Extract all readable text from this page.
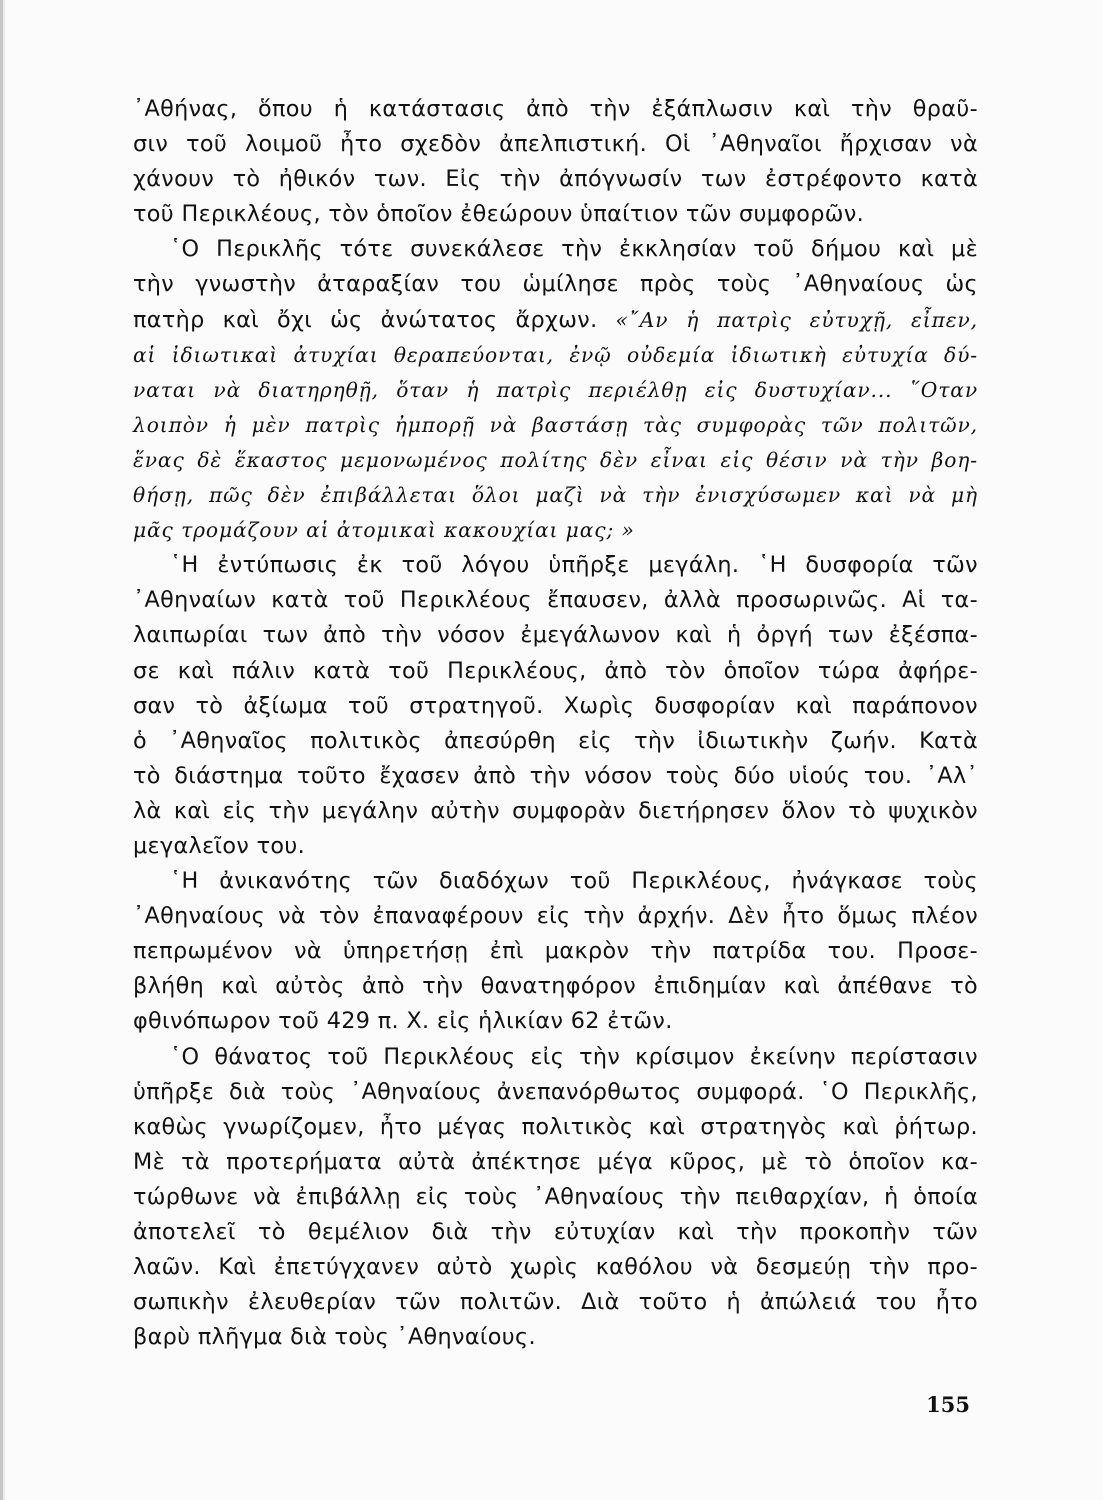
᾿Αθήνας, ὅπου ἡ κατάστασις ἀπὸ τὴν ἐξάπλωσιν καὶ τὴν θραῦ-
σιν τοῦ λοιμοῦ ἦτο σχεδὸν ἀπελπιστική. Οἱ ᾿Αθηναῖοι ἤρχισαν νὰ
χάνουν τὸ ἠθικόν των. Εἰς τὴν ἀπόγνωσίν των ἐστρέφοντο κατὰ
τοῦ Περικλέους, τὸν ὁποῖον ἐθεώρουν ὑπαίτιον τῶν συμφορῶν.
῾Ο Περικλῆς τότε συνεκάλεσε τὴν ἐκκλησίαν τοῦ δήμου καὶ μὲ
τὴν γνωστὴν ἀταραξίαν του ὡμίλησε πρὸς τοὺς ᾿Αθηναίους ὡς
πατὴρ καὶ ὄχι ὡς ἀνώτατος ἄρχων. «῎Αν ἡ πατρὶς εὐτυχῇ, εἶπεν,
αἱ ἰδιωτικαὶ ἀτυχίαι θεραπεύονται, ἐνῷ οὐδεμία ἰδιωτικὴ εὐτυχία δύ-
ναται νὰ διατηρηθῇ, ὅταν ἡ πατρὶς περιέλθῃ εἰς δυστυχίαν... ῞Οταν
λοιπὸν ἡ μὲν πατρὶς ἠμπορῇ νὰ βαστάσῃ τὰς συμφορὰς τῶν πολιτῶν,
ἕνας δὲ ἕκαστος μεμονωμένος πολίτης δὲν εἶναι εἰς θέσιν νὰ τὴν βοη-
θήσῃ, πῶς δὲν ἐπιβάλλεται ὅλοι μαζὶ νὰ τὴν ἐνισχύσωμεν καὶ νὰ μὴ
μᾶς τρομάζουν αἱ ἀτομικαὶ κακουχίαι μας; »
῾Η ἐντύπωσις ἐκ τοῦ λόγου ὑπῆρξε μεγάλη. ῾Η δυσφορία τῶν
᾿Αθηναίων κατὰ τοῦ Περικλέους ἔπαυσεν, ἀλλὰ προσωρινῶς. Αἱ τα-
λαιπωρίαι των ἀπὸ τὴν νόσον ἐμεγάλωνον καὶ ἡ ὀργή των ἐξέσπα-
σε καὶ πάλιν κατὰ τοῦ Περικλέους, ἀπὸ τὸν ὁποῖον τώρα ἀφήρε-
σαν τὸ ἀξίωμα τοῦ στρατηγοῦ. Χωρὶς δυσφορίαν καὶ παράπονον
ὁ ᾿Αθηναῖος πολιτικὸς ἀπεσύρθη εἰς τὴν ἰδιωτικὴν ζωήν. Κατὰ
τὸ διάστημα τοῦτο ἔχασεν ἀπὸ τὴν νόσον τοὺς δύο υἱούς του. ᾿Αλ᾿
λὰ καὶ εἰς τὴν μεγάλην αὐτὴν συμφορὰν διετήρησεν ὅλον τὸ ψυχικὸν
μεγαλεῖον του.
῾Η ἀνικανότης τῶν διαδόχων τοῦ Περικλέους, ἠνάγκασε τοὺς
᾿Αθηναίους νὰ τὸν ἐπαναφέρουν εἰς τὴν ἀρχήν. Δὲν ἦτο ὅμως πλέον
πεπρωμένον νὰ ὑπηρετήσῃ ἐπὶ μακρὸν τὴν πατρίδα του. Προσε-
βλήθη καὶ αὐτὸς ἀπὸ τὴν θανατηφόρον ἐπιδημίαν καὶ ἀπέθανε τὸ
φθινόπωρον τοῦ 429 π. Χ. εἰς ἡλικίαν 62 ἐτῶν.
῾Ο θάνατος τοῦ Περικλέους εἰς τὴν κρίσιμον ἐκείνην περίστασιν
ὑπῆρξε διὰ τοὺς ᾿Αθηναίους ἀνεπανόρθωτος συμφορά. ῾Ο Περικλῆς,
καθὼς γνωρίζομεν, ἦτο μέγας πολιτικὸς καὶ στρατηγὸς καὶ ῥήτωρ.
Μὲ τὰ προτερήματα αὐτὰ ἀπέκτησε μέγα κῦρος, μὲ τὸ ὁποῖον κα-
τώρθωνε νὰ ἐπιβάλλῃ εἰς τοὺς ᾿Αθηναίους τὴν πειθαρχίαν, ἡ ὁποία
ἀποτελεῖ τὸ θεμέλιον διὰ τὴν εὐτυχίαν καὶ τὴν προκοπὴν τῶν
λαῶν. Καὶ ἐπετύγχανεν αὐτὸ χωρὶς καθόλου νὰ δεσμεύῃ τὴν προ-
σωπικὴν ἐλευθερίαν τῶν πολιτῶν. Διὰ τοῦτο ἡ ἀπώλειά του ἦτο
βαρὺ πλῆγμα διὰ τοὺς ᾿Αθηναίους.
155
